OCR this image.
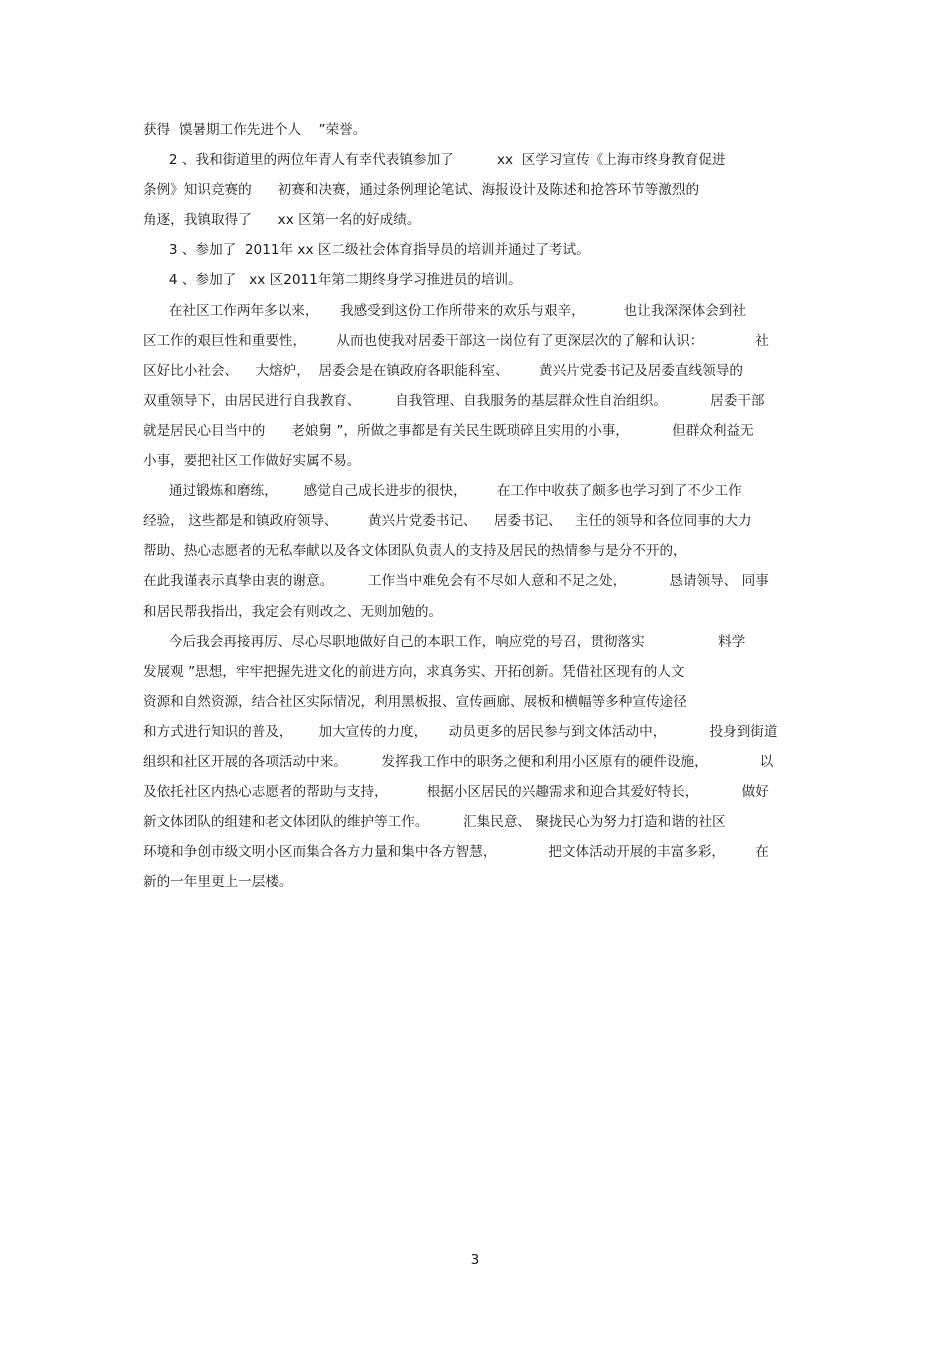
获得  馍暑期工作先进个人    ”荣誉。
2 、我和街道里的两位年青人有幸代表镇参加了          xx  区学习宣传《上海市终身教育促进
条例》知识竞赛的      初赛和决赛，通过条例理论笔试、海报设计及陈述和抢答环节等激烈的
角逐，我镇取得了      xx 区第一名的好成绩。
3 、参加了  2011年 xx 区二级社会体育指导员的培训并通过了考试。
4 、参加了   xx 区2011年第二期终身学习推进员的培训。
在社区工作两年多以来，     我感受到这份工作所带来的欢乐与艰辛，         也让我深深体会到社
区工作的艰巨性和重要性，       从而也使我对居委干部这一岗位有了更深层次的了解和认识：            社
区好比小社会、    大熔炉，  居委会是在镇政府各职能科室、       黄兴片党委书记及居委直线领导的
双重领导下，由居民进行自我教育、        自我管理、自我服务的基层群众性自治组织。          居委干部
就是居民心目当中的      老娘舅 ”，所做之事都是有关民生既琐碎且实用的小事，          但群众利益无
小事，要把社区工作做好实属不易。
通过锻炼和磨练，      感觉自己成长进步的很快，       在工作中收获了颇多也学习到了不少工作
经验， 这些都是和镇政府领导、       黄兴片党委书记、    居委书记、   主任的领导和各位同事的大力
帮助、热心志愿者的无私奉献以及各文体团队负责人的支持及居民的热情参与是分不开的，
在此我谨表示真挚由衷的谢意。        工作当中难免会有不尽如人意和不足之处，          恳请领导、 同事
和居民帮我指出，我定会有则改之、无则加勉的。
今后我会再接再厉、尽心尽职地做好自己的本职工作，响应党的号召，贯彻落实                 料学
发展观 ”思想，牢牢把握先进文化的前进方向，求真务实、开拓创新。凭借社区现有的人文
资源和自然资源，结合社区实际情况，利用黑板报、宣传画廊、展板和横幅等多种宣传途径
和方式进行知识的普及，      加大宣传的力度，     动员更多的居民参与到文体活动中，          投身到街道
组织和社区开展的各项活动中来。        发挥我工作中的职务之便和利用小区原有的硬件设施，            以
及依托社区内热心志愿者的帮助与支持，         根据小区居民的兴趣需求和迎合其爱好特长，          做好
新文体团队的组建和老文体团队的维护等工作。        汇集民意、 聚拢民心为努力打造和谐的社区
环境和争创市级文明小区而集合各方力量和集中各方智慧，            把文体活动开展的丰富多彩，       在
新的一年里更上一层楼。
3
